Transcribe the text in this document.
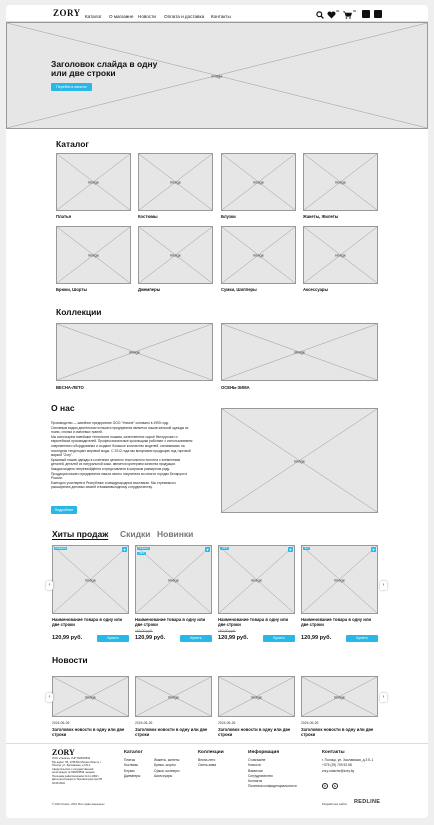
ZORY Каталог О магазине Новости Оплата и доставка Контакты
99	99
image
Заголовок слайда в одну
или две строки
Перейти в каталог
Каталог
image
Платья
image
Костюмы
image
Блузки
image
Жакеты, Жилеты
image
Брюки, Шорты
image
Джемперы
image
Сумки, Шопперы
image
Аксессуары
Коллекции
image
ВЕСНА-ЛЕТО
image
ОСЕНЬ-ЗИМА
О нас

Производство — швейное предприятие ООО "Униаче" основано в 1993 году.

Основным видом деятельности нашего предприятия является пошив женской одежды из

ткани, хлопка и смесевых тканей.

Мы используем новейшие технологии пошива, качественное сырьё белорусских и

европейских производителей. Профессиональные кроильщики работают с использованием

современного оборудования и создают большое количество моделей, основываясь на

последних тенденциях мировой моды. С 2012 года мы выпускаем продукцию под торговой

маркой "Zory".

Красивый пошив одежды в сочетании ценового текстильного полотна с элементами

деталей, деталей из натуральной кожи, является критерием качества продукции.

Каждая модель непревзойдённа и представлена в широком размерном ряду.

Продукция нашего предприятия нашла своего покупателя во многих городах Беларуси и

России.

Ежегодно участвуем в Республике и международных выставках. Мы стремимся к

расширению деловых связей и взаимовыгодному сотрудничеству.

Подробнее
image
Хиты продаж Скидки Новинки
image
Новинка	♥
Наименование товара в одну или две строки
120,99 руб.	Купить
image
Новинка
-20%
♥
Наименование товара в одну или две строки
150,00 руб.
120,99 руб.	Купить
image
-20%	♥
Наименование товара в одну или две строки
150,00 руб.
120,99 руб.	Купить
image
Хит	♥
Наименование товара в одну или две строки
120,99 руб.	Купить
‹	›
Новости
image
2024-06-26
Заголовок новости в одну или две строки
image
2024-06-26
Заголовок новости в одну или две строки
image
2024-06-26
Заголовок новости в одну или две строки
image
2024-06-26
Заголовок новости в одну или две строки
‹	›
ZORY
ООО «Униаче» УНП 690003543
Юр.адрес: 95, 2768 Витебская область, г.
Полоцк, ул. Заславская, д.3 Б-1
Свидетельство о государственной
регистрации № 690003543, выдано
Полоцким райисполкомом 14.11.1993 г.
Дата регистрации в Торговом реестре РБ
02.08.2022
Каталог
Платья
Костюмы
Блузки
Джемперы
Жакеты, жилеты
Брюки, шорты
Сумки, шопперы
Аксессуары
Коллекции
Весна-лето
Осень-зима
Информация
О магазине
Новости
Вакансии
Сотрудничество
Контакты
Политика конфиденциальности
Контакты
г. Полоцк, ул. Заславская, д.3 Б-1
+375 (29) 709 92 68
zory.uniache@zory.by
✆	➤
© 2024 Униаче. 2024. Все права защищены	Разработка сайта REDLINE
